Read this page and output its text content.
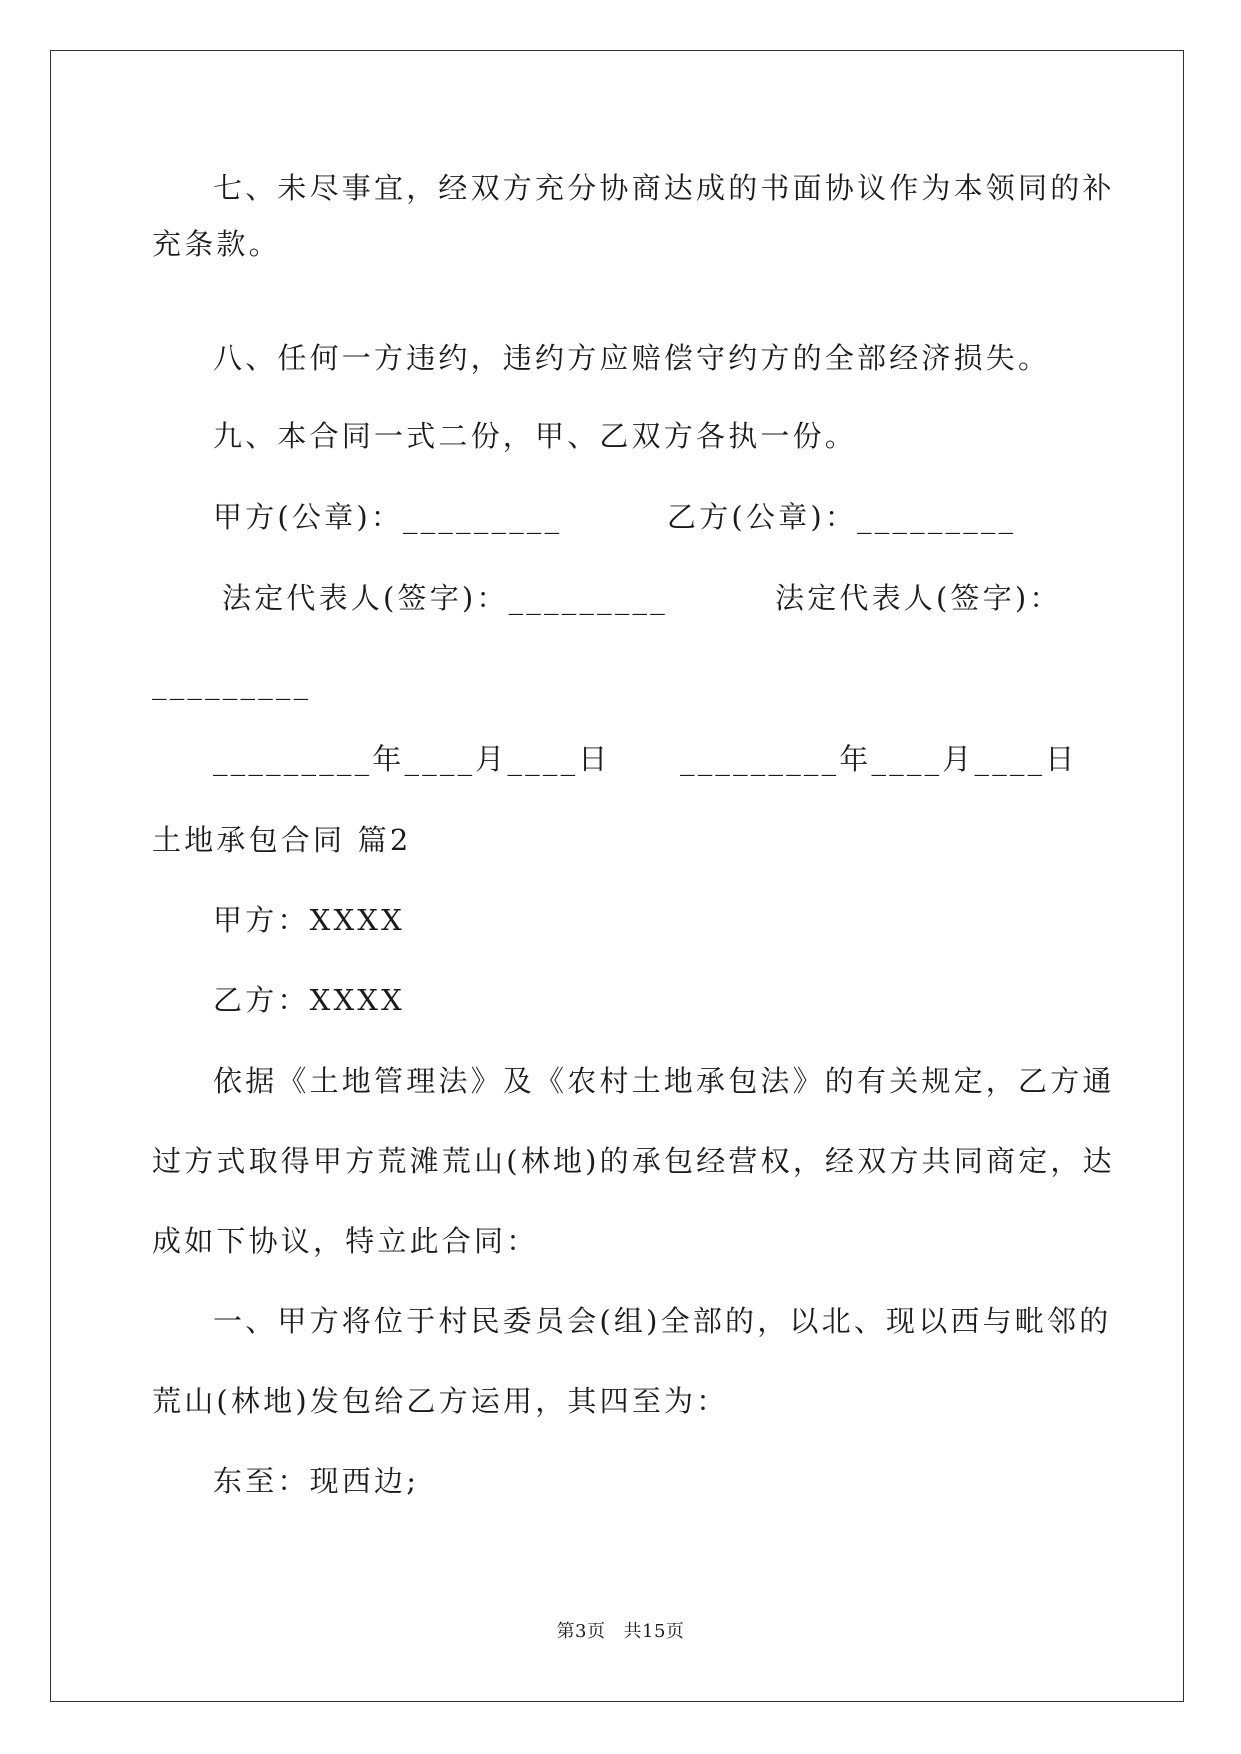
七、未尽事宜，经双方充分协商达成的书面协议作为本领同的补
充条款。
八、任何一方违约，违约方应赔偿守约方的全部经济损失。
九、本合同一式二份，甲、乙双方各执一份。
甲方(公章)：_________	乙方(公章)：_________
法定代表人(签字)：_________	法定代表人(签字)：
_________
_________年____月____日 _________年____月____日
土地承包合同 篇2
甲方：XXXX
乙方：XXXX
依据《土地管理法》及《农村土地承包法》的有关规定，乙方通
过方式取得甲方荒滩荒山(林地)的承包经营权，经双方共同商定，达
成如下协议，特立此合同：
一、甲方将位于村民委员会(组)全部的，以北、现以西与毗邻的
荒山(林地)发包给乙方运用，其四至为：
东至：现西边;
第3页 共15页
